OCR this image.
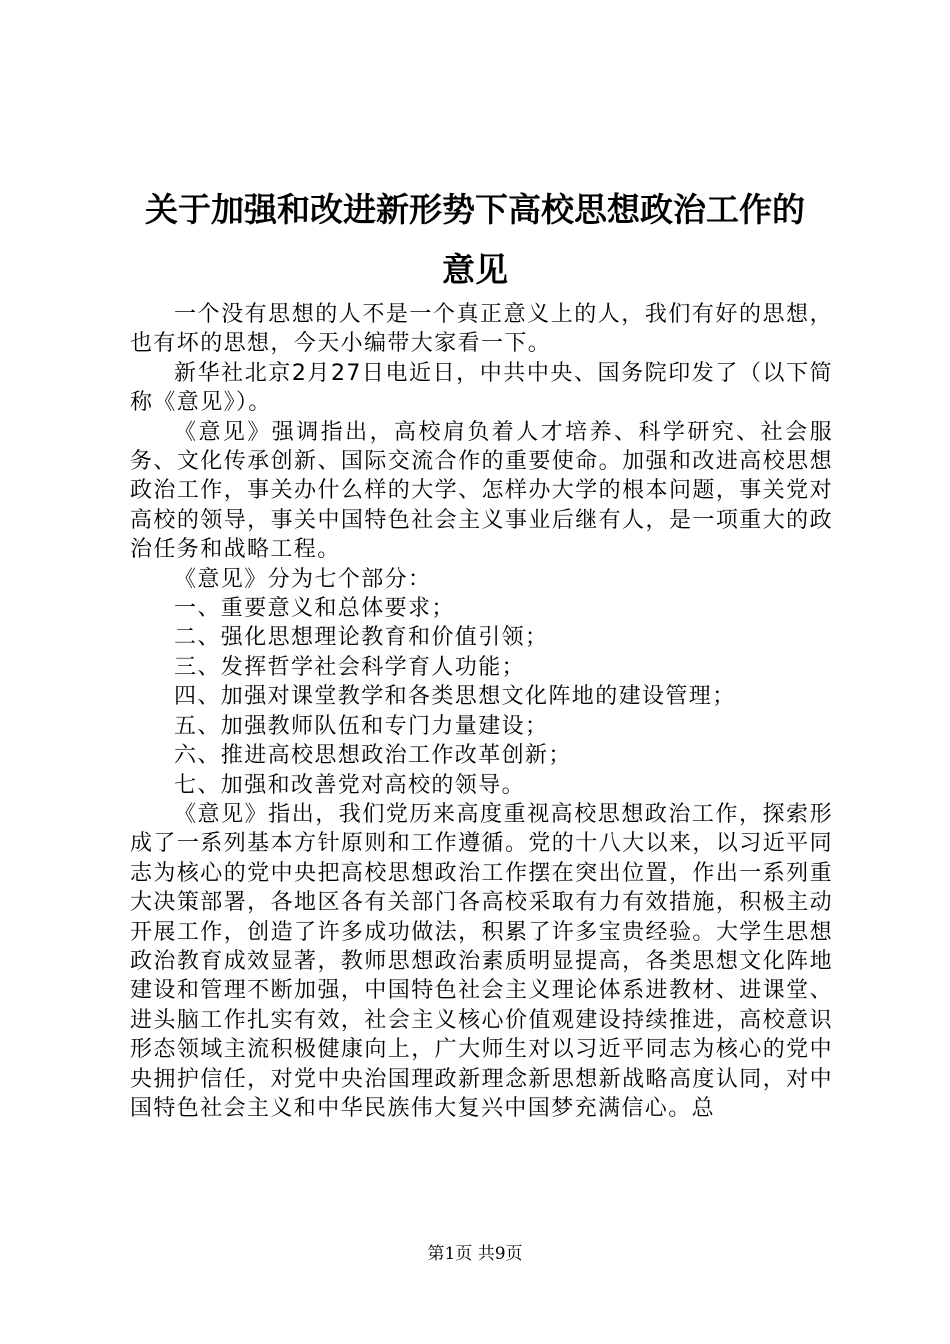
关于加强和改进新形势下高校思想政治工作的
意见

一个没有思想的人不是一个真正意义上的人，我们有好的思想，也有坏的思想，今天小编带大家看一下。

新华社北京2月27日电近日，中共中央、国务院印发了（以下简称《意见》）。

《意见》强调指出，高校肩负着人才培养、科学研究、社会服务、文化传承创新、国际交流合作的重要使命。加强和改进高校思想政治工作，事关办什么样的大学、怎样办大学的根本问题，事关党对高校的领导，事关中国特色社会主义事业后继有人，是一项重大的政治任务和战略工程。

《意见》分为七个部分：

一、重要意义和总体要求；

二、强化思想理论教育和价值引领；

三、发挥哲学社会科学育人功能；

四、加强对课堂教学和各类思想文化阵地的建设管理；

五、加强教师队伍和专门力量建设；

六、推进高校思想政治工作改革创新；

七、加强和改善党对高校的领导。

《意见》指出，我们党历来高度重视高校思想政治工作，探索形成了一系列基本方针原则和工作遵循。党的十八大以来，以习近平同志为核心的党中央把高校思想政治工作摆在突出位置，作出一系列重大决策部署，各地区各有关部门各高校采取有力有效措施，积极主动开展工作，创造了许多成功做法，积累了许多宝贵经验。大学生思想政治教育成效显著，教师思想政治素质明显提高，各类思想文化阵地建设和管理不断加强，中国特色社会主义理论体系进教材、进课堂、进头脑工作扎实有效，社会主义核心价值观建设持续推进，高校意识形态领域主流积极健康向上，广大师生对以习近平同志为核心的党中央拥护信任，对党中央治国理政新理念新思想新战略高度认同，对中国特色社会主义和中华民族伟大复兴中国梦充满信心。总

第1页 共9页
